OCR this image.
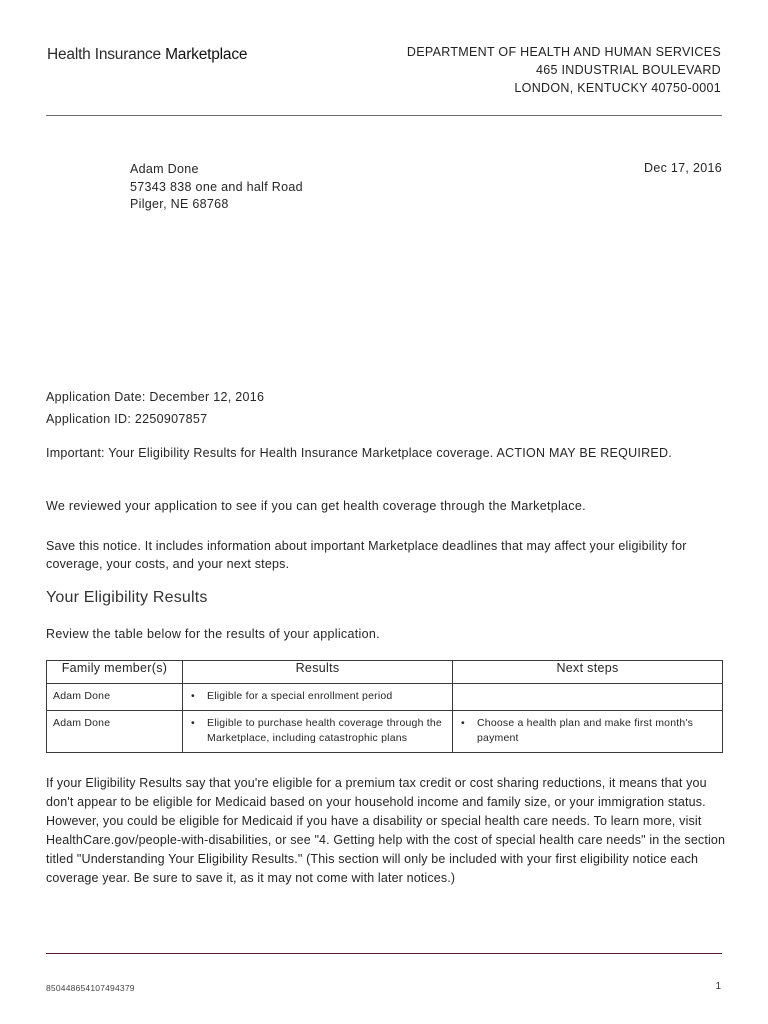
Health Insurance Marketplace	DEPARTMENT OF HEALTH AND HUMAN SERVICES
465 INDUSTRIAL BOULEVARD
LONDON, KENTUCKY 40750-0001
Adam Done
57343 838 one and half Road
Pilger, NE 68768
Dec 17, 2016
Application Date: December 12, 2016
Application ID: 2250907857
Important: Your Eligibility Results for Health Insurance Marketplace coverage. ACTION MAY BE REQUIRED.
We reviewed your application to see if you can get health coverage through the Marketplace.
Save this notice. It includes information about important Marketplace deadlines that may affect your eligibility for coverage, your costs, and your next steps.
Your Eligibility Results
Review the table below for the results of your application.
Family member(s)	Results	Next steps
Adam Done	• Eligible for a special enrollment period	

Adam Done	• Eligible to purchase health coverage through the Marketplace, including catastrophic plans	• Choose a health plan and make first month's payment
If your Eligibility Results say that you're eligible for a premium tax credit or cost sharing reductions, it means that you don't appear to be eligible for Medicaid based on your household income and family size, or your immigration status. However, you could be eligible for Medicaid if you have a disability or special health care needs. To learn more, visit HealthCare.gov/people-with-disabilities, or see "4. Getting help with the cost of special health care needs" in the section titled "Understanding Your Eligibility Results." (This section will only be included with your first eligibility notice each coverage year. Be sure to save it, as it may not come with later notices.)
850448654107494379	1
